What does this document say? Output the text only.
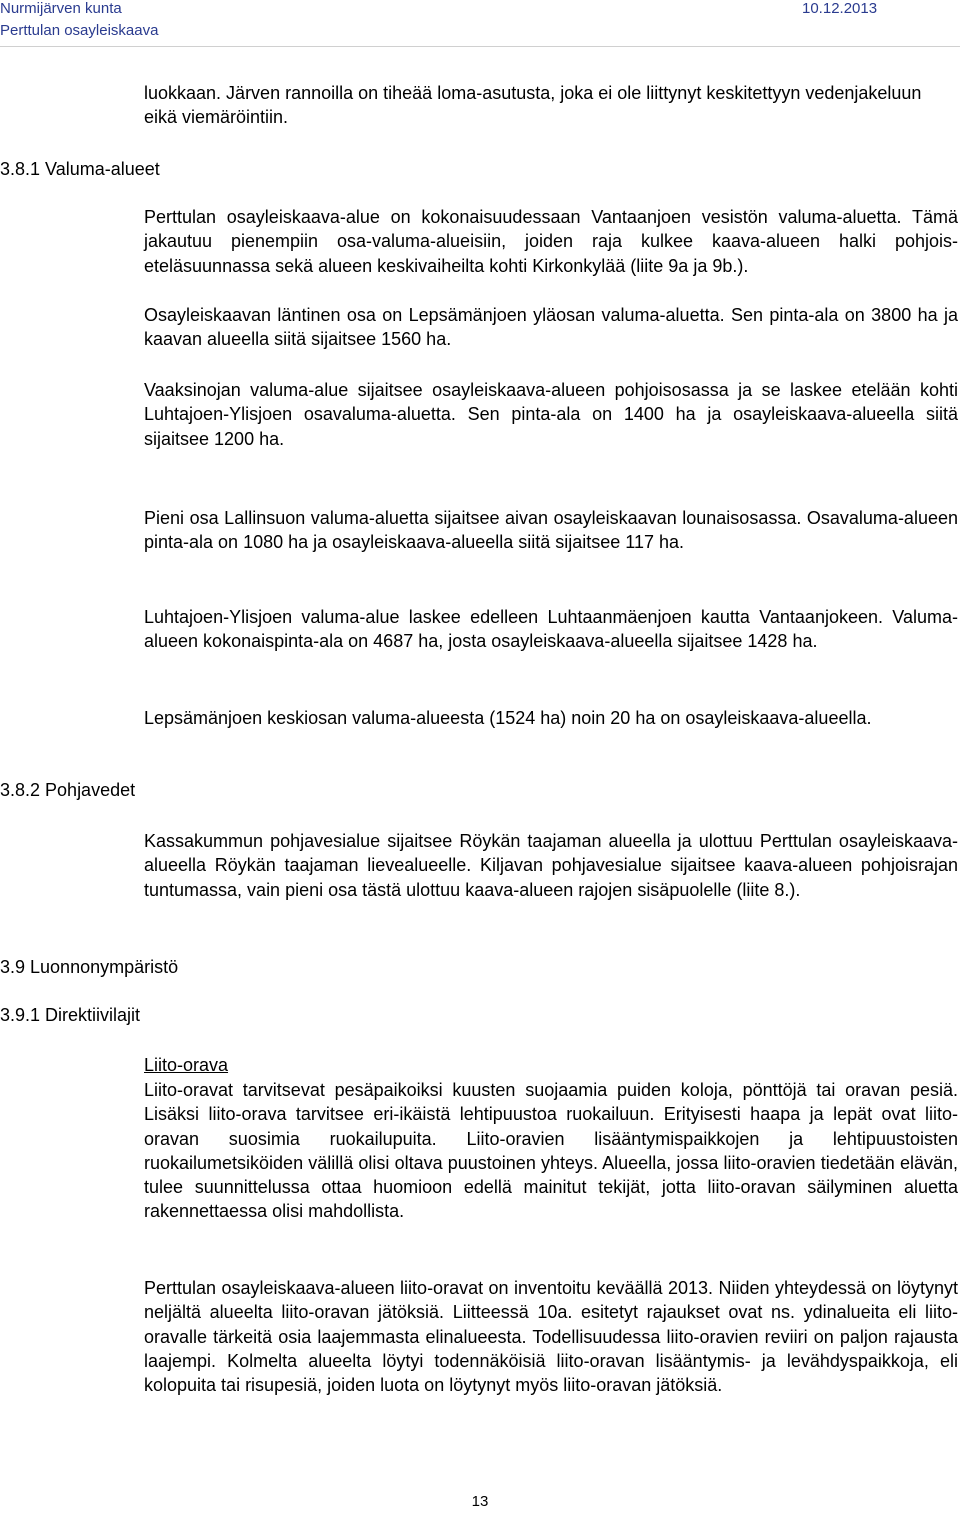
Nurmijärven kunta	10.12.2013
Perttulan osayleiskaava

luokkaan. Järven rannoilla on tiheää loma-asutusta, joka ei ole liittynyt keskitettyyn vedenjakeluun eikä viemäröintiin.

3.8.1 Valuma-alueet

Perttulan osayleiskaava-alue on kokonaisuudessaan Vantaanjoen vesistön valuma-aluetta. Tämä jakautuu pienempiin osa-valuma-alueisiin, joiden raja kulkee kaava-alueen halki pohjois-eteläsuunnassa sekä alueen keskivaiheilta kohti Kirkonkylää (liite 9a ja 9b.).

Osayleiskaavan läntinen osa on Lepsämänjoen yläosan valuma-aluetta. Sen pinta-ala on 3800 ha ja kaavan alueella siitä sijaitsee 1560 ha.

Vaaksinojan valuma-alue sijaitsee osayleiskaava-alueen pohjoisosassa ja se laskee etelään kohti Luhtajoen-Ylisjoen osavaluma-aluetta. Sen pinta-ala on 1400 ha ja osayleiskaava-alueella siitä sijaitsee 1200 ha.

Pieni osa Lallinsuon valuma-aluetta sijaitsee aivan osayleiskaavan lounaisosassa. Osavaluma-alueen pinta-ala on 1080 ha ja osayleiskaava-alueella siitä sijaitsee 117 ha.

Luhtajoen-Ylisjoen valuma-alue laskee edelleen Luhtaanmäenjoen kautta Vantaanjokeen. Valuma-alueen kokonaispinta-ala on 4687 ha, josta osayleiskaava-alueella sijaitsee 1428 ha.

Lepsämänjoen keskiosan valuma-alueesta (1524 ha) noin 20 ha on osayleiskaava-alueella.

3.8.2 Pohjavedet

Kassakummun pohjavesialue sijaitsee Röykän taajaman alueella ja ulottuu Perttulan osayleiskaava-alueella Röykän taajaman lievealueelle. Kiljavan pohjavesialue sijaitsee kaava-alueen pohjoisrajan tuntumassa, vain pieni osa tästä ulottuu kaava-alueen rajojen sisäpuolelle (liite 8.).

3.9 Luonnonympäristö
3.9.1 Direktiivilajit
Liito-orava

Liito-oravat tarvitsevat pesäpaikoiksi kuusten suojaamia puiden koloja, pönttöjä tai oravan pesiä. Lisäksi liito-orava tarvitsee eri-ikäistä lehtipuustoa ruokailuun. Erityisesti haapa ja lepät ovat liito-oravan suosimia ruokailupuita. Liito-oravien lisääntymispaikkojen ja lehtipuustoisten ruokailumetsiköiden välillä olisi oltava puustoinen yhteys. Alueella, jossa liito-oravien tiedetään elävän, tulee suunnittelussa ottaa huomioon edellä mainitut tekijät, jotta liito-oravan säilyminen aluetta rakennettaessa olisi mahdollista.

Perttulan osayleiskaava-alueen liito-oravat on inventoitu keväällä 2013. Niiden yhteydessä on löytynyt neljältä alueelta liito-oravan jätöksiä. Liitteessä 10a. esitetyt rajaukset ovat ns. ydinalueita eli liito-oravalle tärkeitä osia laajemmasta elinalueesta. Todellisuudessa liito-oravien reviiri on paljon rajausta laajempi. Kolmelta alueelta löytyi todennäköisiä liito-oravan lisääntymis- ja levähdyspaikkoja, eli kolopuita tai risupesiä, joiden luota on löytynyt myös liito-oravan jätöksiä.

13
